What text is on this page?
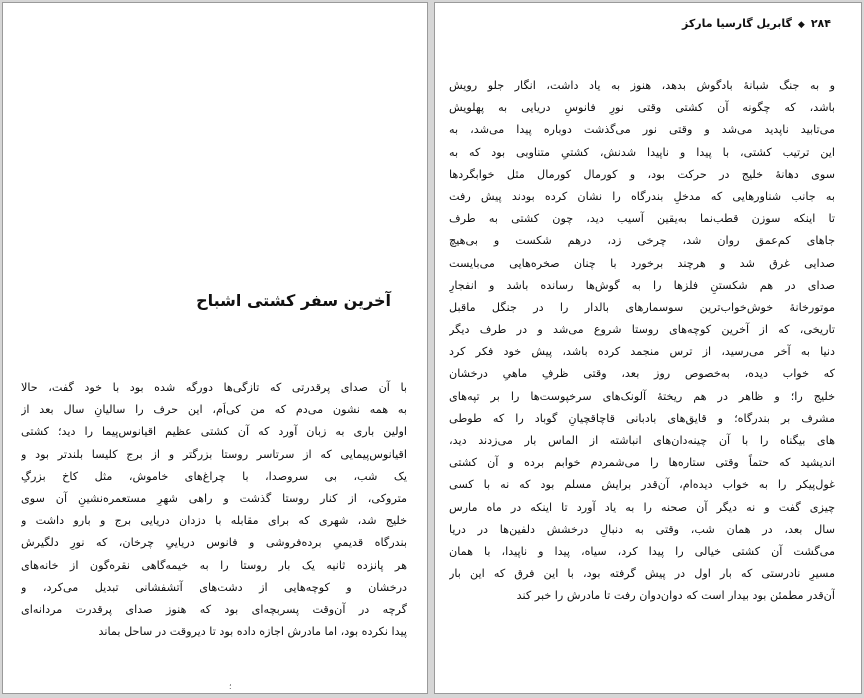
آخرین سفر کشتی اشباح
با آن صدای پرقدرتی که تازگی‌ها دورگه شده بود با خود گفت، حالا
به همه نشون می‌دم که من کی‌اَم، این حرف را سالیانِ سال بعد از
اولین باری به زبان آورد که آن کشتی عظیم اقیانوس‌پیما را دید؛ کشتی
اقیانوس‌پیمایی که از سرتاسر روستا بزرگتر و از برج کلیسا بلندتر بود و
یک شب، بی سروصدا، با چراغ‌های خاموش، مثل کاخ بزرگِ
متروکی، از کنار روستا گذشت و راهی شهرِ مستعمره‌نشینِ آن سوی
خلیج شد، شهری که برای مقابله با دزدان دریایی برج و بارو داشت و
بندرگاه قدیمیِ برده‌فروشی و فانوس دریاییِ چرخان، که نورِ دلگیرش
هر پانزده ثانیه یک بار روستا را به خیمه‌گاهی نقره‌گون از خانه‌های
درخشان و کوچه‌هایی از دشت‌های آتشفشانی تبدیل می‌کرد، و
گرچه در آن‌وقت پسربچه‌ای بود که هنوز صدای پرقدرت مردانه‌ای
پیدا نکرده بود، اما مادرش اجازه داده بود تا دیروقت در ساحل بماند
؛
۲۸۴◆گابریل گارسیا مارکز
و به جنگ شبانهٔ بادگوش بدهد، هنوز به یاد داشت، انگار جلو رویش
باشد، که چگونه آن کشتی وقتی نورِ فانوسِ دریایی به پهلویش
می‌تابید ناپدید می‌شد و وقتی نور می‌گذشت دوباره پیدا می‌شد، به
این ترتیب کشتی، با پیدا و ناپیدا شدنش، کشتیِ متناوبی بود که به
سوی دهانهٔ خلیج در حرکت بود، و کورمال کورمال مثل خوابگردها
به جانب شناورهایی که مدخلِ بندرگاه را نشان کرده بودند پیش رفت
تا اینکه سوزن قطب‌نما به‌یقین آسیب دید، چون کشتی به طرف
جاهای کم‌عمق روان شد، چرخی زد، درهم شکست و بی‌هیچ
صدایی غرق شد و هرچند برخورد با چنان صخره‌هایی می‌بایست
صدای در هم شکستنِ فلزها را به گوش‌ها رسانده باشد و انفجارِ
موتورخانهٔ خوش‌خواب‌ترین سوسمارهای بالدار را در جنگل ماقبل
تاریخی، که از آخرین کوچه‌های روستا شروع می‌شد و در طرف دیگر
دنیا به آخر می‌رسید، از ترس منجمد کرده باشد، پیش خود فکر کرد
که خواب دیده، به‌خصوص روز بعد، وقتی ظرفِ ماهیِ درخشان
خلیج را؛ و ظاهر در هم ریختهٔ آلونک‌های سرخپوست‌ها را بر تپه‌های
مشرف بر بندرگاه؛ و قایق‌های بادبانی قاچاقچیانِ گوباد را که طوطی
های بیگناه را با آن چینه‌دان‌های انباشته از الماس بار می‌زدند دید،
اندیشید که حتماً وقتی ستاره‌ها را می‌شمردم خوابم برده و آن کشتی
غول‌پیکر را به خواب دیده‌ام، آن‌قدر برایش مسلم بود که نه با کسی
چیزی گفت و نه دیگر آن صحنه را به یاد آورد تا اینکه در ماه مارس
سال بعد، در همان شب، وقتی به دنبالِ درخشش دلفین‌ها در دریا
می‌گشت آن کشتی خیالی را پیدا کرد، سیاه، پیدا و ناپیدا، با همان
مسیرِ نادرستی که بار اول در پیش گرفته بود، با این فرق که این بار
آن‌قدر مطمئن بود بیدار است که دوان‌دوان رفت تا مادرش را خبر کند
